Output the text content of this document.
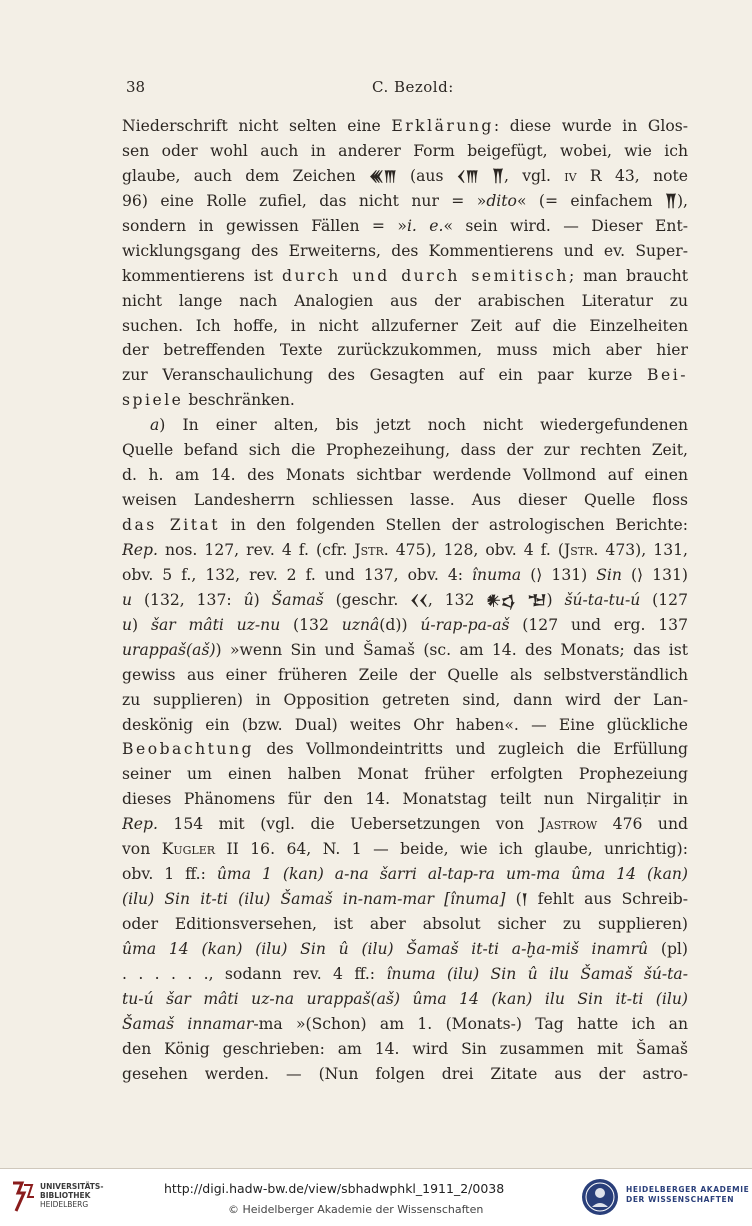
38	C. Bezold:
Niederschrift nicht selten eine Erklärung: diese wurde in Glos-
sen oder wohl auch in anderer Form beigefügt, wobei, wie ich
glaube, auch dem Zeichen 𒌍𒐈 (aus 𒌋𒐈 𒐖, vgl. iv R 43, note
96) eine Rolle zufiel, das nicht nur = »dito« (= einfachem 𒐖),
sondern in gewissen Fällen = »i. e.« sein wird. — Dieser Ent-
wicklungsgang des Erweiterns, des Kommentierens und ev. Super-
kommentierens ist durch und durch semitisch; man braucht
nicht lange nach Analogien aus der arabischen Literatur zu
suchen. Ich hoffe, in nicht allzuferner Zeit auf die Einzelheiten
der betreffenden Texte zurückzukommen, muss mich aber hier
zur Veranschaulichung des Gesagten auf ein paar kurze Bei-
spiele beschränken.
a) In einer alten, bis jetzt noch nicht wiedergefundenen
Quelle befand sich die Prophezeihung, dass der zur rechten Zeit,
d. h. am 14. des Monats sichtbar werdende Vollmond auf einen
weisen Landesherrn schliessen lasse. Aus dieser Quelle floss
das Zitat in den folgenden Stellen der astrologischen Berichte:
Rep. nos. 127, rev. 4 f. (cfr. Jstr. 475), 128, obv. 4 f. (Jstr. 473), 131,
obv. 5 f., 132, rev. 2 f. und 137, obv. 4: înuma (⟩ 131) Sin (⟩ 131)
u (132, 137: û) Šamaš (geschr. 𒌋𒌋, 132 𒀭𒌓 𒈠) šú-ta-tu-ú (127
u) šar mâti uz-nu (132 uznâ(d)) ú-rap-pa-aš (127 und erg. 137
urappaš(aš)) »wenn Sin und Šamaš (sc. am 14. des Monats; das ist
gewiss aus einer früheren Zeile der Quelle als selbstverständlich
zu supplieren) in Opposition getreten sind, dann wird der Lan-
deskönig ein (bzw. Dual) weites Ohr haben«. — Eine glückliche
Beobachtung des Vollmondeintritts und zugleich die Erfüllung
seiner um einen halben Monat früher erfolgten Prophezeiung
dieses Phänomens für den 14. Monatstag teilt nun Nirgaliṭir in
Rep. 154 mit (vgl. die Uebersetzungen von Jastrow 476 und
von Kugler II 16. 64, N. 1 — beide, wie ich glaube, unrichtig):
obv. 1 ff.: ûma 1 (kan) a-na šarri al-tap-ra um-ma ûma 14 (kan)
(ilu) Sin it-ti (ilu) Šamaš in-nam-mar [înuma] (𒁹 fehlt aus Schreib-
oder Editionsversehen, ist aber absolut sicher zu supplieren)
ûma 14 (kan) (ilu) Sin û (ilu) Šamaš it-ti a-ḫa-miš inamrû (pl)
. . . . . ., sodann rev. 4 ff.: înuma (ilu) Sin û ilu Šamaš šú-ta-
tu-ú šar mâti uz-na urappaš(aš) ûma 14 (kan) ilu Sin it-ti (ilu)
Šamaš innamar-ma »(Schon) am 1. (Monats-) Tag hatte ich an
den König geschrieben: am 14. wird Sin zusammen mit Šamaš
gesehen werden. — (Nun folgen drei Zitate aus der astro-
UNIVERSITÄTS-
BIBLIOTHEK
HEIDELBERG
http://digi.hadw-bw.de/view/sbhadwphkl_1911_2/0038
© Heidelberger Akademie der Wissenschaften
HEIDELBERGER AKADEMIE
DER WISSENSCHAFTEN
